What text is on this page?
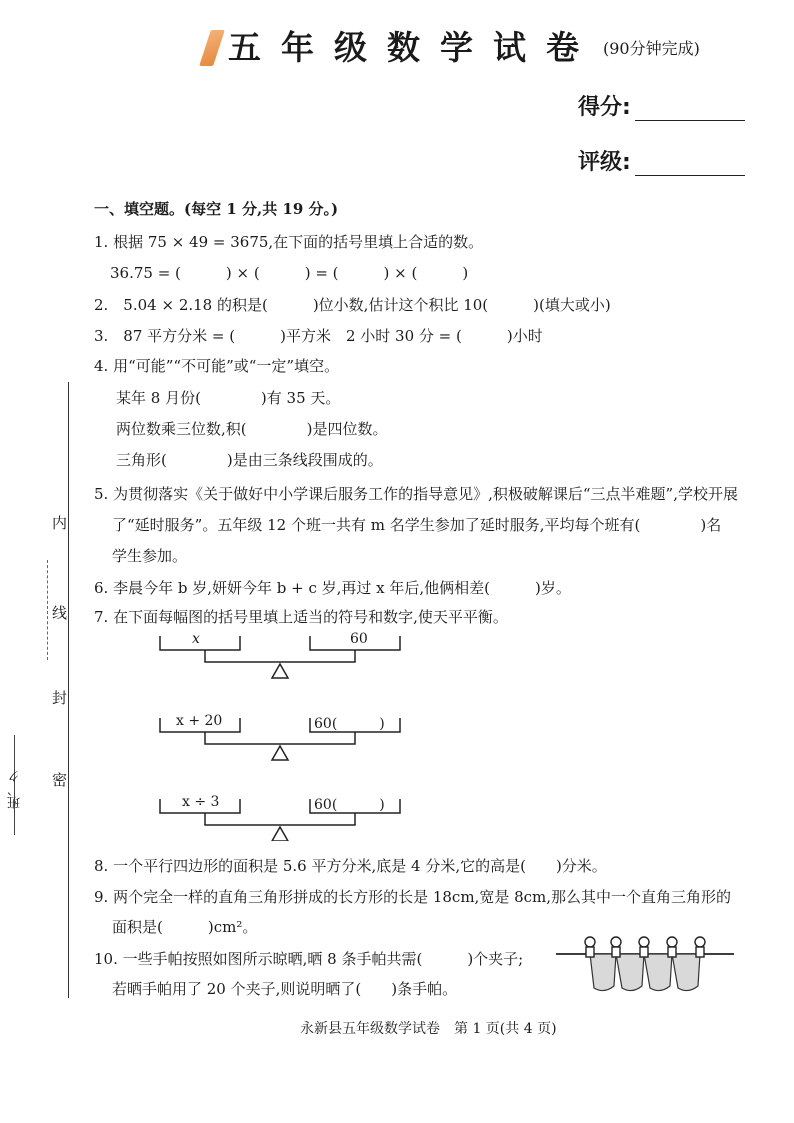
五年级数学试卷 (90分钟完成)
得分:
评级:
内
线
封
密
班、ク
一、填空题。(每空 1 分,共 19 分。)
1. 根据 75 × 49 = 3675,在下面的括号里填上合适的数。
36.75 = (　　　) × (　　　) = (　　　) × (　　　)
2.　5.04 × 2.18 的积是(　　　)位小数,估计这个积比 10(　　　)(填大或小)
3.　87 平方分米 = (　　　)平方米　2 小时 30 分 = (　　　)小时
4. 用“可能”“不可能”或“一定”填空。
某年 8 月份(　　　　)有 35 天。
两位数乘三位数,积(　　　　)是四位数。
三角形(　　　　)是由三条线段围成的。
5. 为贯彻落实《关于做好中小学课后服务工作的指导意见》,积极破解课后“三点半难题”,学校开展
了“延时服务”。五年级 12 个班一共有 m 名学生参加了延时服务,平均每个班有(　　　　)名
学生参加。
6. 李晨今年 b 岁,妍妍今年 b + c 岁,再过 x 年后,他俩相差(　　　)岁。
7. 在下面每幅图的括号里填上适当的符号和数字,使天平平衡。
x	60
x + 20	60(　　　)
x ÷ 3	60(　　　)
8. 一个平行四边形的面积是 5.6 平方分米,底是 4 分米,它的高是(　　)分米。
9. 两个完全一样的直角三角形拼成的长方形的长是 18cm,宽是 8cm,那么其中一个直角三角形的
面积是(　　　)cm²。
10. 一些手帕按照如图所示晾晒,晒 8 条手帕共需(　　　)个夹子;
若晒手帕用了 20 个夹子,则说明晒了(　　)条手帕。
永新县五年级数学试卷　第 1 页(共 4 页)
